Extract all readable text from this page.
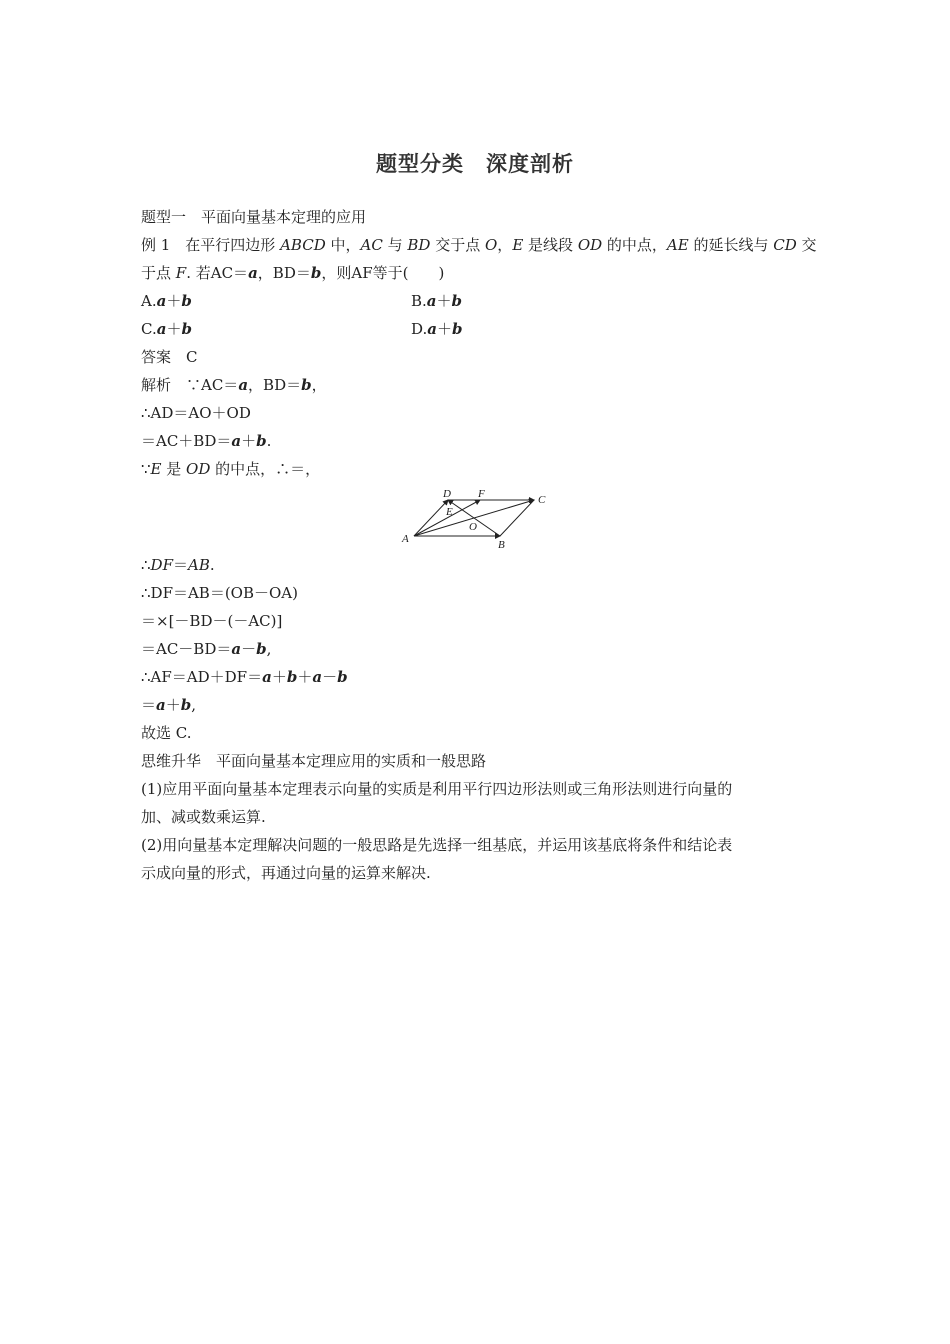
题型分类　深度剖析
题型一　平面向量基本定理的应用
例 1　在平行四边形 ABCD 中，AC 与 BD 交于点 O，E 是线段 OD 的中点，AE 的延长线与 CD 交
于点 F. 若AC＝a，BD＝b，则AF等于(　　)
A.a＋b	B.a＋b
C.a＋b	D.a＋b
答案　C
解析　∵AC＝a，BD＝b，
∴AD＝AO＋OD
＝AC＋BD＝a＋b.
∵E 是 OD 的中点，∴＝，
A	B
C
D
E
F
O
∴DF＝AB.
∴DF＝AB＝(OB－OA)
＝×[－BD－(－AC)]
＝AC－BD＝a－b,
∴AF＝AD＋DF＝a＋b＋a－b
＝a＋b,
故选 C.
思维升华　平面向量基本定理应用的实质和一般思路
(1)应用平面向量基本定理表示向量的实质是利用平行四边形法则或三角形法则进行向量的
加、减或数乘运算.
(2)用向量基本定理解决问题的一般思路是先选择一组基底，并运用该基底将条件和结论表
示成向量的形式，再通过向量的运算来解决.
